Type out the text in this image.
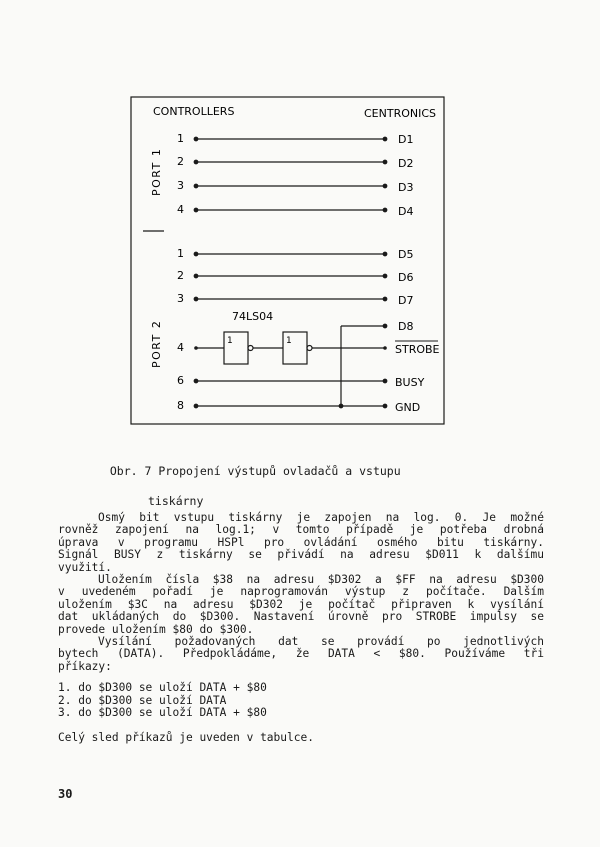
CONTROLLERS	CENTRONICS
PORT 1
PORT 2
1
2
3
4
D1
D2
D3
D4
1	1
74LS04
1
2
3
4
6
8
D5
D6
D7
D8
STROBE
BUSY
GND

Obr. 7 Propojení výstupů ovladačů a vstupu

tiskárny

Osmý bit vstupu tiskárny je zapojen na log. 0. Je možné
rovněž zapojení na log.1; v tomto případě je potřeba drobná
úprava v programu HSPl pro ovládání osmého bitu tiskárny.
Signál BUSY z tiskárny se přivádí na adresu $D011 k dalšímu
využití.

Uložením čísla $38 na adresu $D302 a $FF na adresu $D300
v uvedeném pořadí je naprogramován výstup z počítače. Dalším
uložením $3C na adresu $D302 je počítač připraven k vysílání
dat ukládaných do $D300. Nastavení úrovně pro STROBE impulsy se
provede uložením $80 do $300.

Vysílání požadovaných dat se provádí po jednotlivých
bytech (DATA). Předpokládáme, že DATA < $80. Používáme tři
příkazy:

1. do $D300 se uloží DATA + $80
2. do $D300 se uloží DATA
3. do $D300 se uloží DATA + $80
Celý sled příkazů je uveden v tabulce.
30
